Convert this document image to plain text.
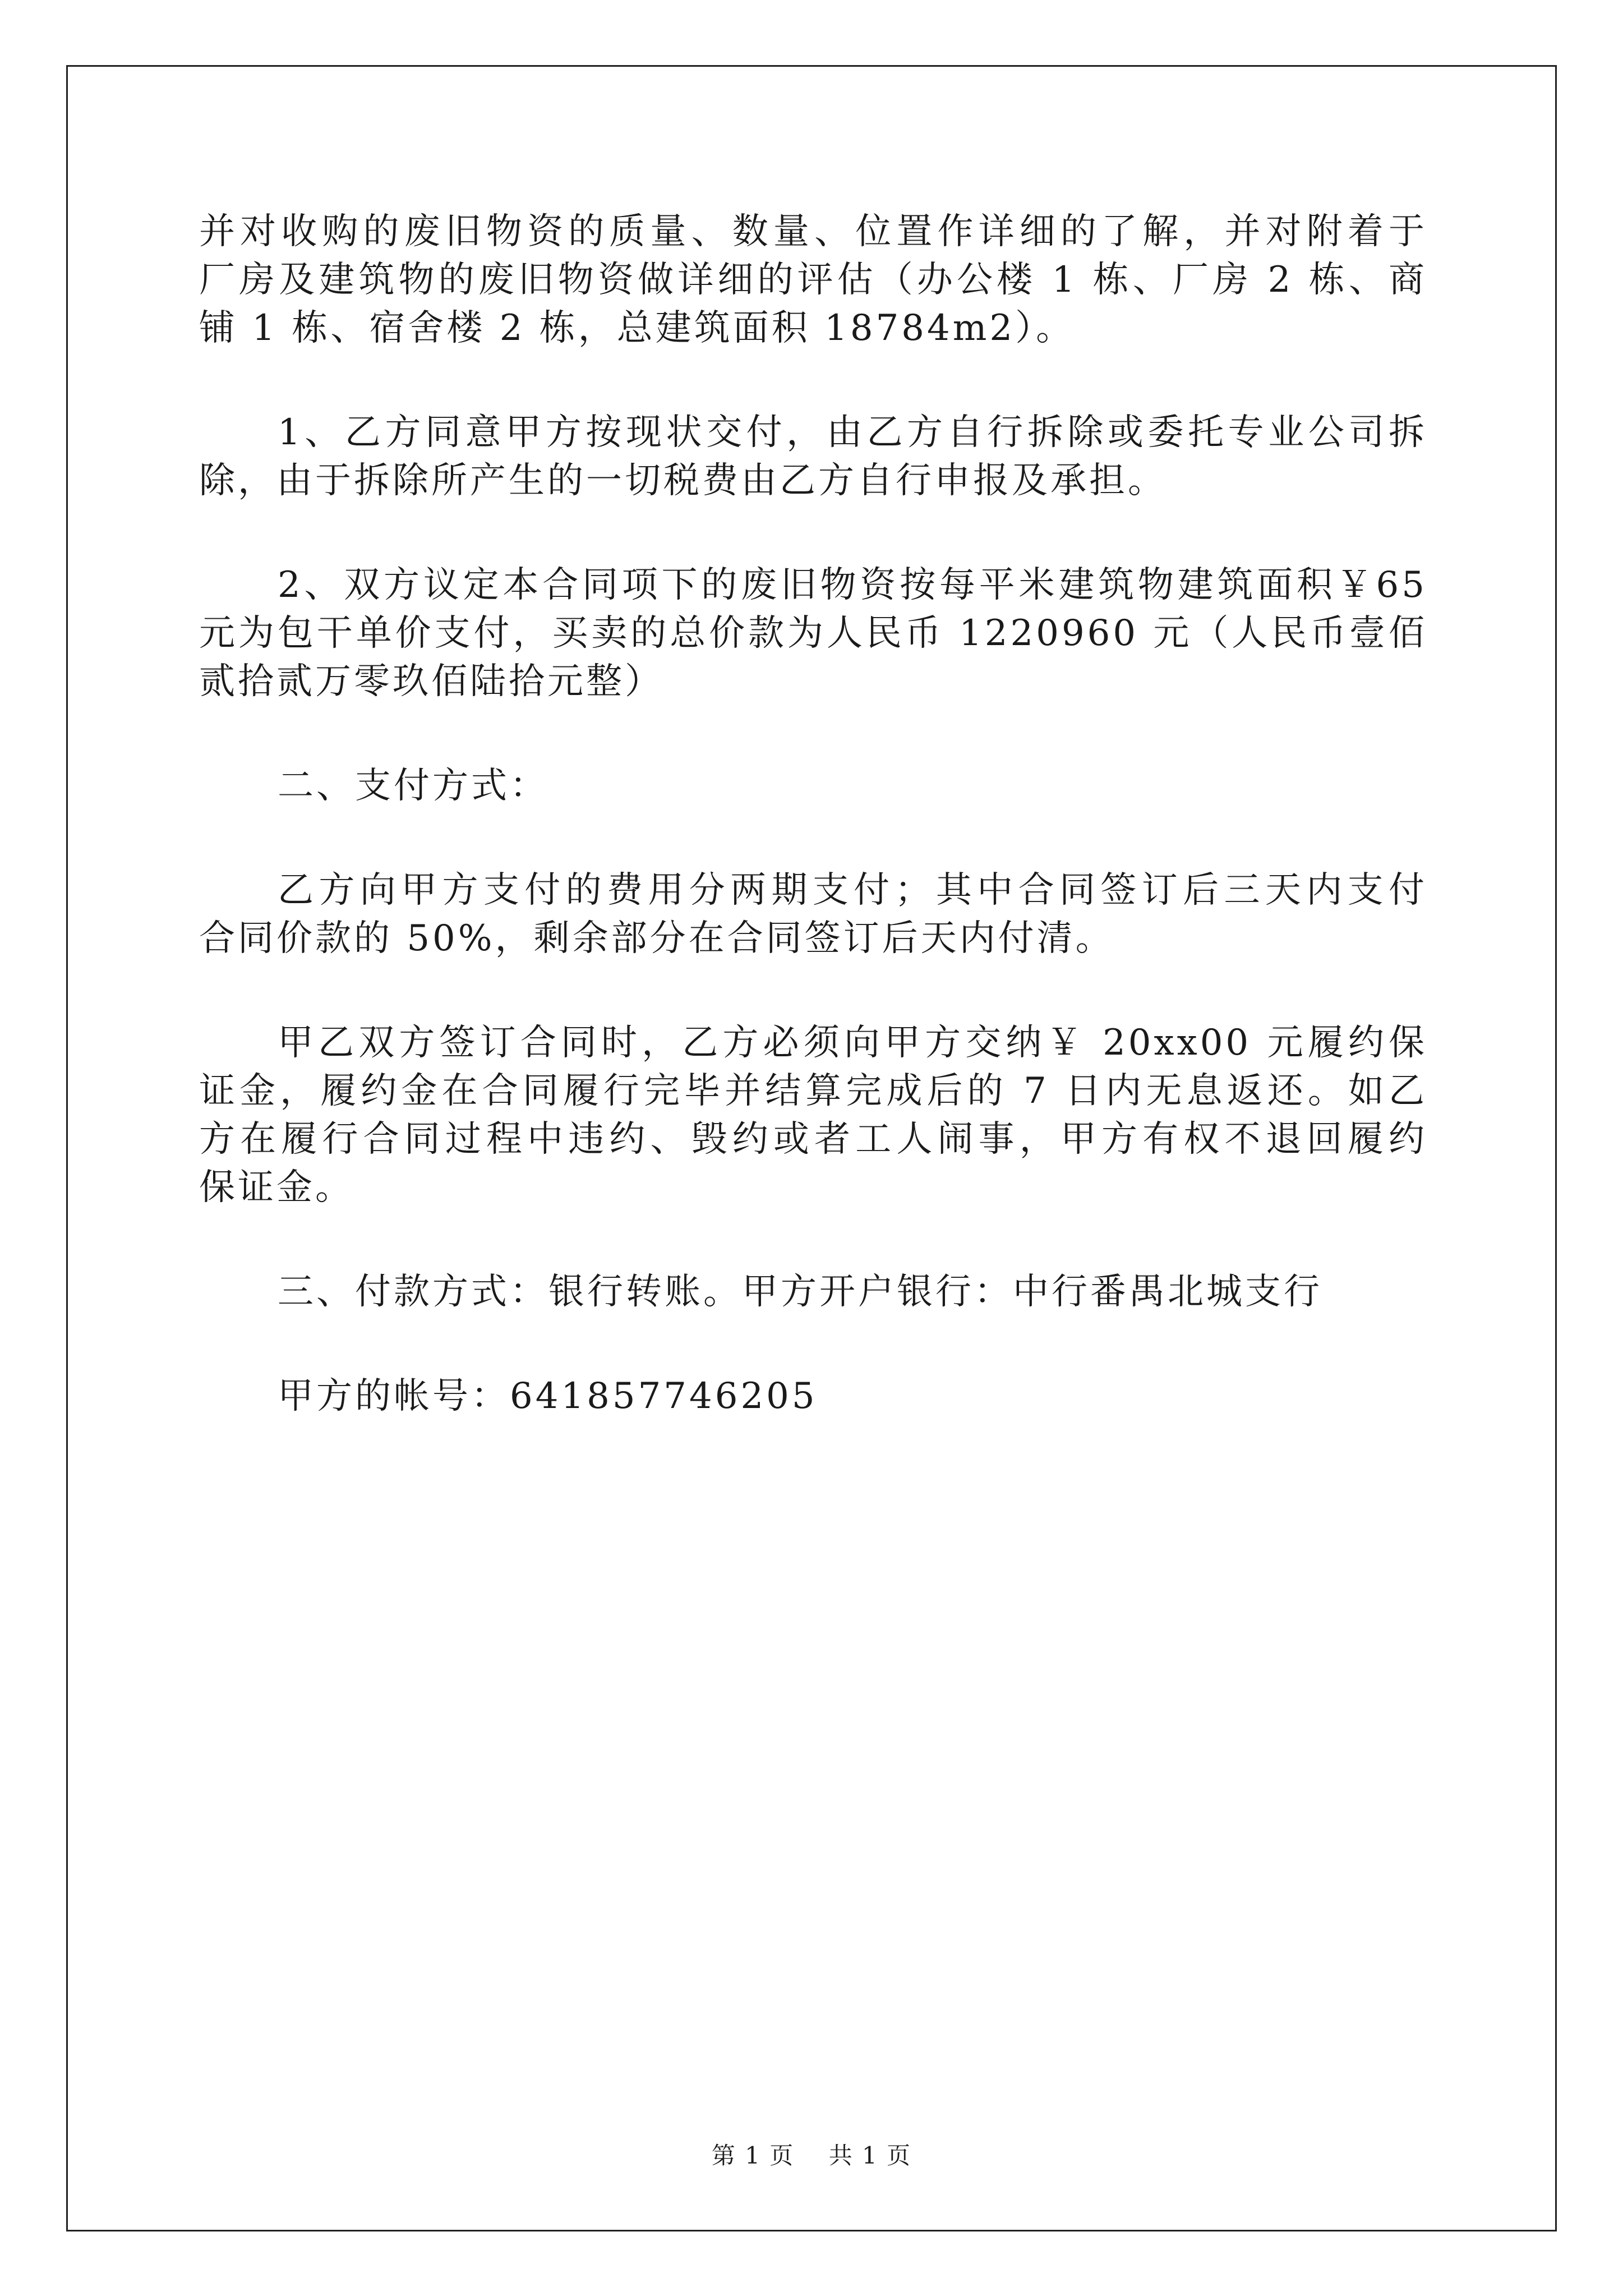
并对收购的废旧物资的质量、数量、位置作详细的了解，并对附着于
厂房及建筑物的废旧物资做详细的评估（办公楼 1 栋、厂房 2 栋、商
铺 1 栋、宿舍楼 2 栋，总建筑面积 18784m2）。
1、乙方同意甲方按现状交付，由乙方自行拆除或委托专业公司拆
除，由于拆除所产生的一切税费由乙方自行申报及承担。
2、双方议定本合同项下的废旧物资按每平米建筑物建筑面积￥65
元为包干单价支付，买卖的总价款为人民币 1220960 元（人民币壹佰
贰拾贰万零玖佰陆拾元整）
二、支付方式：
乙方向甲方支付的费用分两期支付；其中合同签订后三天内支付
合同价款的 50%，剩余部分在合同签订后天内付清。
甲乙双方签订合同时，乙方必须向甲方交纳￥ 20xx00 元履约保
证金，履约金在合同履行完毕并结算完成后的 7 日内无息返还。如乙
方在履行合同过程中违约、毁约或者工人闹事，甲方有权不退回履约
保证金。
三、付款方式：银行转账。甲方开户银行：中行番禺北城支行
甲方的帐号：641857746205
第 1 页    共 1 页
